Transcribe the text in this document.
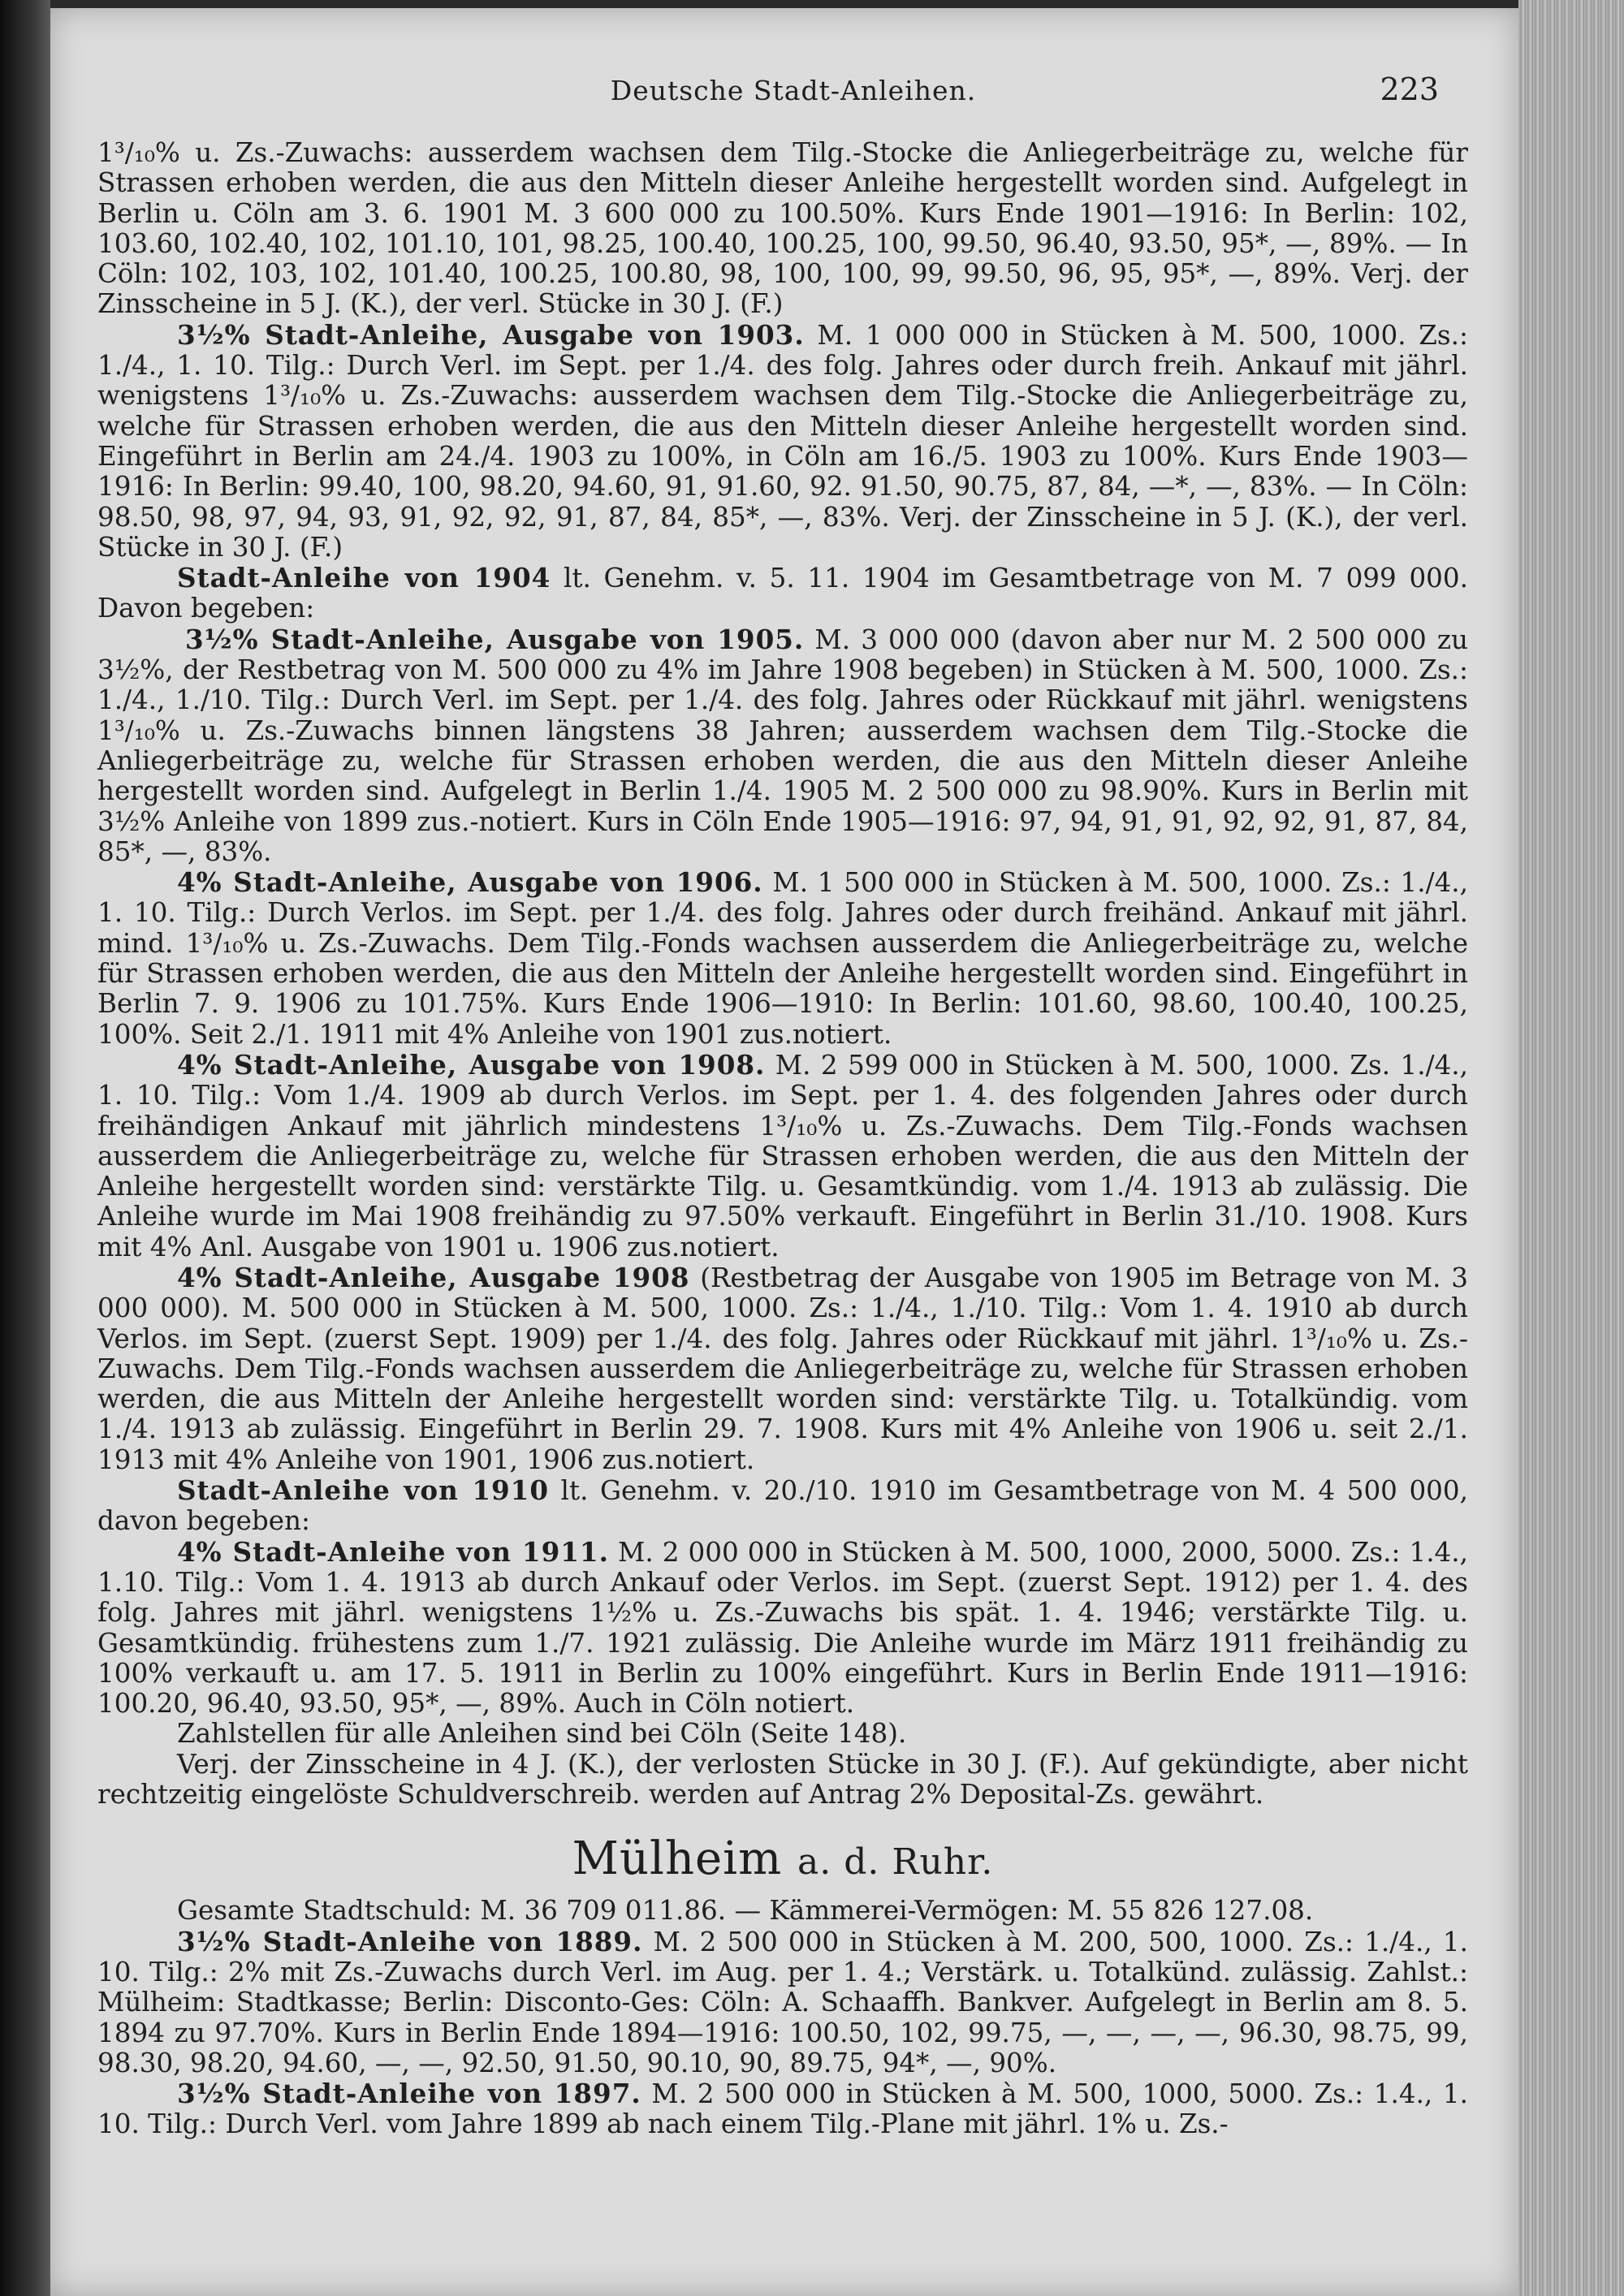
Deutsche Stadt-Anleihen.	223

1³/₁₀% u. Zs.-Zuwachs: ausserdem wachsen dem Tilg.-Stocke die Anliegerbeiträge zu, welche für Strassen erhoben werden, die aus den Mitteln dieser Anleihe hergestellt worden sind. Aufgelegt in Berlin u. Cöln am 3. 6. 1901 M. 3 600 000 zu 100.50%. Kurs Ende 1901—1916: In Berlin: 102, 103.60, 102.40, 102, 101.10, 101, 98.25, 100.40, 100.25, 100, 99.50, 96.40, 93.50, 95*, —, 89%. — In Cöln: 102, 103, 102, 101.40, 100.25, 100.80, 98, 100, 100, 99, 99.50, 96, 95, 95*, —, 89%. Verj. der Zinsscheine in 5 J. (K.), der verl. Stücke in 30 J. (F.)

3½% Stadt-Anleihe, Ausgabe von 1903. M. 1 000 000 in Stücken à M. 500, 1000. Zs.: 1./4., 1. 10. Tilg.: Durch Verl. im Sept. per 1./4. des folg. Jahres oder durch freih. Ankauf mit jährl. wenigstens 1³/₁₀% u. Zs.-Zuwachs: ausserdem wachsen dem Tilg.-Stocke die Anliegerbeiträge zu, welche für Strassen erhoben werden, die aus den Mitteln dieser Anleihe hergestellt worden sind. Eingeführt in Berlin am 24./4. 1903 zu 100%, in Cöln am 16./5. 1903 zu 100%. Kurs Ende 1903—1916: In Berlin: 99.40, 100, 98.20, 94.60, 91, 91.60, 92. 91.50, 90.75, 87, 84, —*, —, 83%. — In Cöln: 98.50, 98, 97, 94, 93, 91, 92, 92, 91, 87, 84, 85*, —, 83%. Verj. der Zinsscheine in 5 J. (K.), der verl. Stücke in 30 J. (F.)

Stadt-Anleihe von 1904 lt. Genehm. v. 5. 11. 1904 im Gesamtbetrage von M. 7 099 000. Davon begeben:

3½% Stadt-Anleihe, Ausgabe von 1905. M. 3 000 000 (davon aber nur M. 2 500 000 zu 3½%, der Restbetrag von M. 500 000 zu 4% im Jahre 1908 begeben) in Stücken à M. 500, 1000. Zs.: 1./4., 1./10. Tilg.: Durch Verl. im Sept. per 1./4. des folg. Jahres oder Rückkauf mit jährl. wenigstens 1³/₁₀% u. Zs.-Zuwachs binnen längstens 38 Jahren; ausserdem wachsen dem Tilg.-Stocke die Anliegerbeiträge zu, welche für Strassen erhoben werden, die aus den Mitteln dieser Anleihe hergestellt worden sind. Aufgelegt in Berlin 1./4. 1905 M. 2 500 000 zu 98.90%. Kurs in Berlin mit 3½% Anleihe von 1899 zus.-notiert. Kurs in Cöln Ende 1905—1916: 97, 94, 91, 91, 92, 92, 91, 87, 84, 85*, —, 83%.

4% Stadt-Anleihe, Ausgabe von 1906. M. 1 500 000 in Stücken à M. 500, 1000. Zs.: 1./4., 1. 10. Tilg.: Durch Verlos. im Sept. per 1./4. des folg. Jahres oder durch freihänd. Ankauf mit jährl. mind. 1³/₁₀% u. Zs.-Zuwachs. Dem Tilg.-Fonds wachsen ausserdem die Anliegerbeiträge zu, welche für Strassen erhoben werden, die aus den Mitteln der Anleihe hergestellt worden sind. Eingeführt in Berlin 7. 9. 1906 zu 101.75%. Kurs Ende 1906—1910: In Berlin: 101.60, 98.60, 100.40, 100.25, 100%. Seit 2./1. 1911 mit 4% Anleihe von 1901 zus.notiert.

4% Stadt-Anleihe, Ausgabe von 1908. M. 2 599 000 in Stücken à M. 500, 1000. Zs. 1./4., 1. 10. Tilg.: Vom 1./4. 1909 ab durch Verlos. im Sept. per 1. 4. des folgenden Jahres oder durch freihändigen Ankauf mit jährlich mindestens 1³/₁₀% u. Zs.-Zuwachs. Dem Tilg.-Fonds wachsen ausserdem die Anliegerbeiträge zu, welche für Strassen erhoben werden, die aus den Mitteln der Anleihe hergestellt worden sind: verstärkte Tilg. u. Gesamtkündig. vom 1./4. 1913 ab zulässig. Die Anleihe wurde im Mai 1908 freihändig zu 97.50% verkauft. Eingeführt in Berlin 31./10. 1908. Kurs mit 4% Anl. Ausgabe von 1901 u. 1906 zus.notiert.

4% Stadt-Anleihe, Ausgabe 1908 (Restbetrag der Ausgabe von 1905 im Betrage von M. 3 000 000). M. 500 000 in Stücken à M. 500, 1000. Zs.: 1./4., 1./10. Tilg.: Vom 1. 4. 1910 ab durch Verlos. im Sept. (zuerst Sept. 1909) per 1./4. des folg. Jahres oder Rückkauf mit jährl. 1³/₁₀% u. Zs.-Zuwachs. Dem Tilg.-Fonds wachsen ausserdem die Anliegerbeiträge zu, welche für Strassen erhoben werden, die aus Mitteln der Anleihe hergestellt worden sind: verstärkte Tilg. u. Totalkündig. vom 1./4. 1913 ab zulässig. Eingeführt in Berlin 29. 7. 1908. Kurs mit 4% Anleihe von 1906 u. seit 2./1. 1913 mit 4% Anleihe von 1901, 1906 zus.notiert.

Stadt-Anleihe von 1910 lt. Genehm. v. 20./10. 1910 im Gesamtbetrage von M. 4 500 000, davon begeben:

4% Stadt-Anleihe von 1911. M. 2 000 000 in Stücken à M. 500, 1000, 2000, 5000. Zs.: 1.4., 1.10. Tilg.: Vom 1. 4. 1913 ab durch Ankauf oder Verlos. im Sept. (zuerst Sept. 1912) per 1. 4. des folg. Jahres mit jährl. wenigstens 1½% u. Zs.-Zuwachs bis spät. 1. 4. 1946; verstärkte Tilg. u. Gesamtkündig. frühestens zum 1./7. 1921 zulässig. Die Anleihe wurde im März 1911 freihändig zu 100% verkauft u. am 17. 5. 1911 in Berlin zu 100% eingeführt. Kurs in Berlin Ende 1911—1916: 100.20, 96.40, 93.50, 95*, —, 89%. Auch in Cöln notiert.

Zahlstellen für alle Anleihen sind bei Cöln (Seite 148).

Verj. der Zinsscheine in 4 J. (K.), der verlosten Stücke in 30 J. (F.). Auf gekündigte, aber nicht rechtzeitig eingelöste Schuldverschreib. werden auf Antrag 2% Deposital-Zs. gewährt.

Mülheim a. d. Ruhr.

Gesamte Stadtschuld: M. 36 709 011.86. — Kämmerei-Vermögen: M. 55 826 127.08.

3½% Stadt-Anleihe von 1889. M. 2 500 000 in Stücken à M. 200, 500, 1000. Zs.: 1./4., 1. 10. Tilg.: 2% mit Zs.-Zuwachs durch Verl. im Aug. per 1. 4.; Verstärk. u. Totalkünd. zulässig. Zahlst.: Mülheim: Stadtkasse; Berlin: Disconto-Ges: Cöln: A. Schaaffh. Bankver. Aufgelegt in Berlin am 8. 5. 1894 zu 97.70%. Kurs in Berlin Ende 1894—1916: 100.50, 102, 99.75, —, —, —, —, 96.30, 98.75, 99, 98.30, 98.20, 94.60, —, —, 92.50, 91.50, 90.10, 90, 89.75, 94*, —, 90%.

3½% Stadt-Anleihe von 1897. M. 2 500 000 in Stücken à M. 500, 1000, 5000. Zs.: 1.4., 1. 10. Tilg.: Durch Verl. vom Jahre 1899 ab nach einem Tilg.-Plane mit jährl. 1% u. Zs.-
